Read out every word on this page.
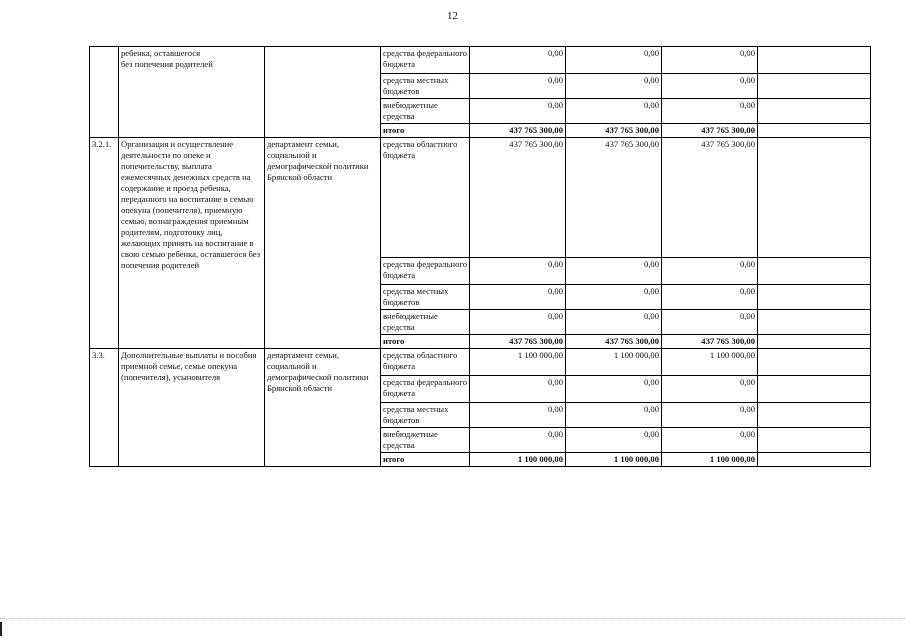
12
	ребенка, оставшегося
без попечения родителей		средства федерального бюджета	0,00	0,00	0,00	
			средства местных бюджетов	0,00	0,00	0,00	
			внебюджетные средства	0,00	0,00	0,00	
			итого	437 765 300,00	437 765 300,00	437 765 300,00	
3.2.1.	Организация и осуществление деятельности по опеке и попечительству, выплата ежемесячных денежных средств на содержание и проезд ребенка, переданного на воспитание в семью опекуна (попечителя), приемную семью, вознаграждения приемным родителям, подготовку лиц, желающих принять на воспитание в свою семью ребенка, оставшегося без попечения родителей	департамент семьи, социальной и демографической политики Брянской области	средства областного бюджета	437 765 300,00	437 765 300,00	437 765 300,00	
			средства федерального бюджета	0,00	0,00	0,00	
			средства местных бюджетов	0,00	0,00	0,00	
			внебюджетные средства	0,00	0,00	0,00	
			итого	437 765 300,00	437 765 300,00	437 765 300,00	
3.3.	Дополнительные выплаты и пособия приемной семье, семье опекуна (попечителя), усыновителя	департамент семьи, социальной и демографической политики Брянской области	средства областного бюджета	1 100 000,00	1 100 000,00	1 100 000,00	
			средства федерального бюджета	0,00	0,00	0,00	
			средства местных бюджетов	0,00	0,00	0,00	
			внебюджетные средства	0,00	0,00	0,00	
			итого	1 100 000,00	1 100 000,00	1 100 000,00	
